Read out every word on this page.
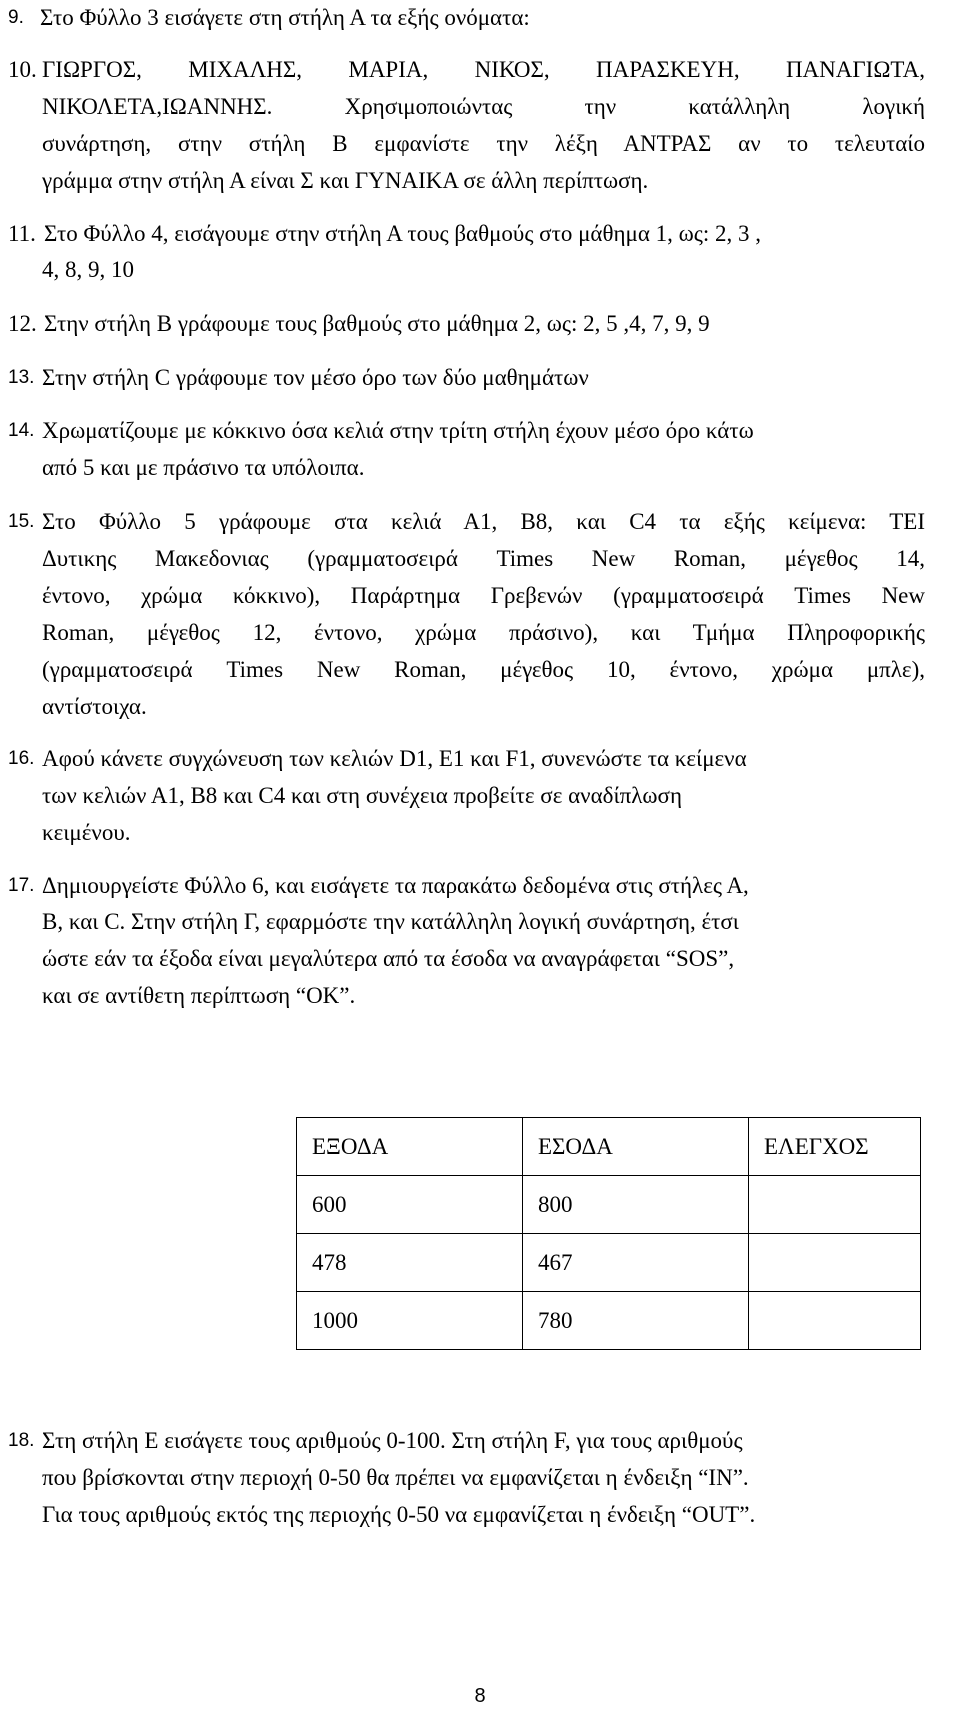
9. Στο Φύλλο 3 εισάγετε στη στήλη Α τα εξής ονόματα:
10. ΓΙΩΡΓΟΣ, ΜΙΧΑΛΗΣ, ΜΑΡΙΑ, ΝΙΚΟΣ, ΠΑΡΑΣΚΕΥΗ, ΠΑΝΑΓΙΩΤΑ,
ΝΙΚΟΛΕΤΑ,ΙΩΑΝΝΗΣ. Χρησιμοποιώντας την κατάλληλη λογική
συνάρτηση, στην στήλη Β εμφανίστε την λέξη ΑΝΤΡΑΣ αν το τελευταίο
γράμμα στην στήλη Α είναι Σ και ΓΥΝΑΙΚΑ σε άλλη περίπτωση.
11. Στο Φύλλο 4, εισάγουμε στην στήλη Α τους βαθμούς στο μάθημα 1, ως: 2, 3 ,
4, 8, 9, 10
12. Στην στήλη Β γράφουμε τους βαθμούς στο μάθημα 2, ως: 2, 5 ,4, 7, 9, 9
13. Στην στήλη C γράφουμε τον μέσο όρο των δύο μαθημάτων
14. Χρωματίζουμε με κόκκινο όσα κελιά στην τρίτη στήλη έχουν μέσο όρο κάτω
από 5 και με πράσινο τα υπόλοιπα.
15. Στο Φύλλο 5 γράφουμε στα κελιά Α1, Β8, και C4 τα εξής κείμενα: ΤΕΙ
Δυτικης Μακεδονιας (γραμματοσειρά Times New Roman, μέγεθος 14,
έντονο, χρώμα κόκκινο), Παράρτημα Γρεβενών (γραμματοσειρά Times New
Roman, μέγεθος 12, έντονο, χρώμα πράσινο), και Τμήμα Πληροφορικής
(γραμματοσειρά Times New Roman, μέγεθος 10, έντονο, χρώμα μπλε),
αντίστοιχα.
16. Αφού κάνετε συγχώνευση των κελιών D1, E1 και F1, συνενώστε τα κείμενα
των κελιών Α1, Β8 και C4 και στη συνέχεια προβείτε σε αναδίπλωση
κειμένου.
17. Δημιουργείστε Φύλλο 6, και εισάγετε τα παρακάτω δεδομένα στις στήλες Α,
Β, και C. Στην στήλη Γ, εφαρμόστε την κατάλληλη λογική συνάρτηση, έτσι
ώστε εάν τα έξοδα είναι μεγαλύτερα από τα έσοδα να αναγράφεται “SOS”,
και σε αντίθετη περίπτωση “OK”.
ΕΞΟΔΑ	ΕΣΟΔΑ	ΕΛΕΓΧΟΣ
600	800	
478	467	
1000	780	
18. Στη στήλη Ε εισάγετε τους αριθμούς 0-100. Στη στήλη F, για τους αριθμούς
που βρίσκονται στην περιοχή 0-50 θα πρέπει να εμφανίζεται η ένδειξη “IN”.
Για τους αριθμούς εκτός της περιοχής 0-50 να εμφανίζεται η ένδειξη “OUT”.
8
